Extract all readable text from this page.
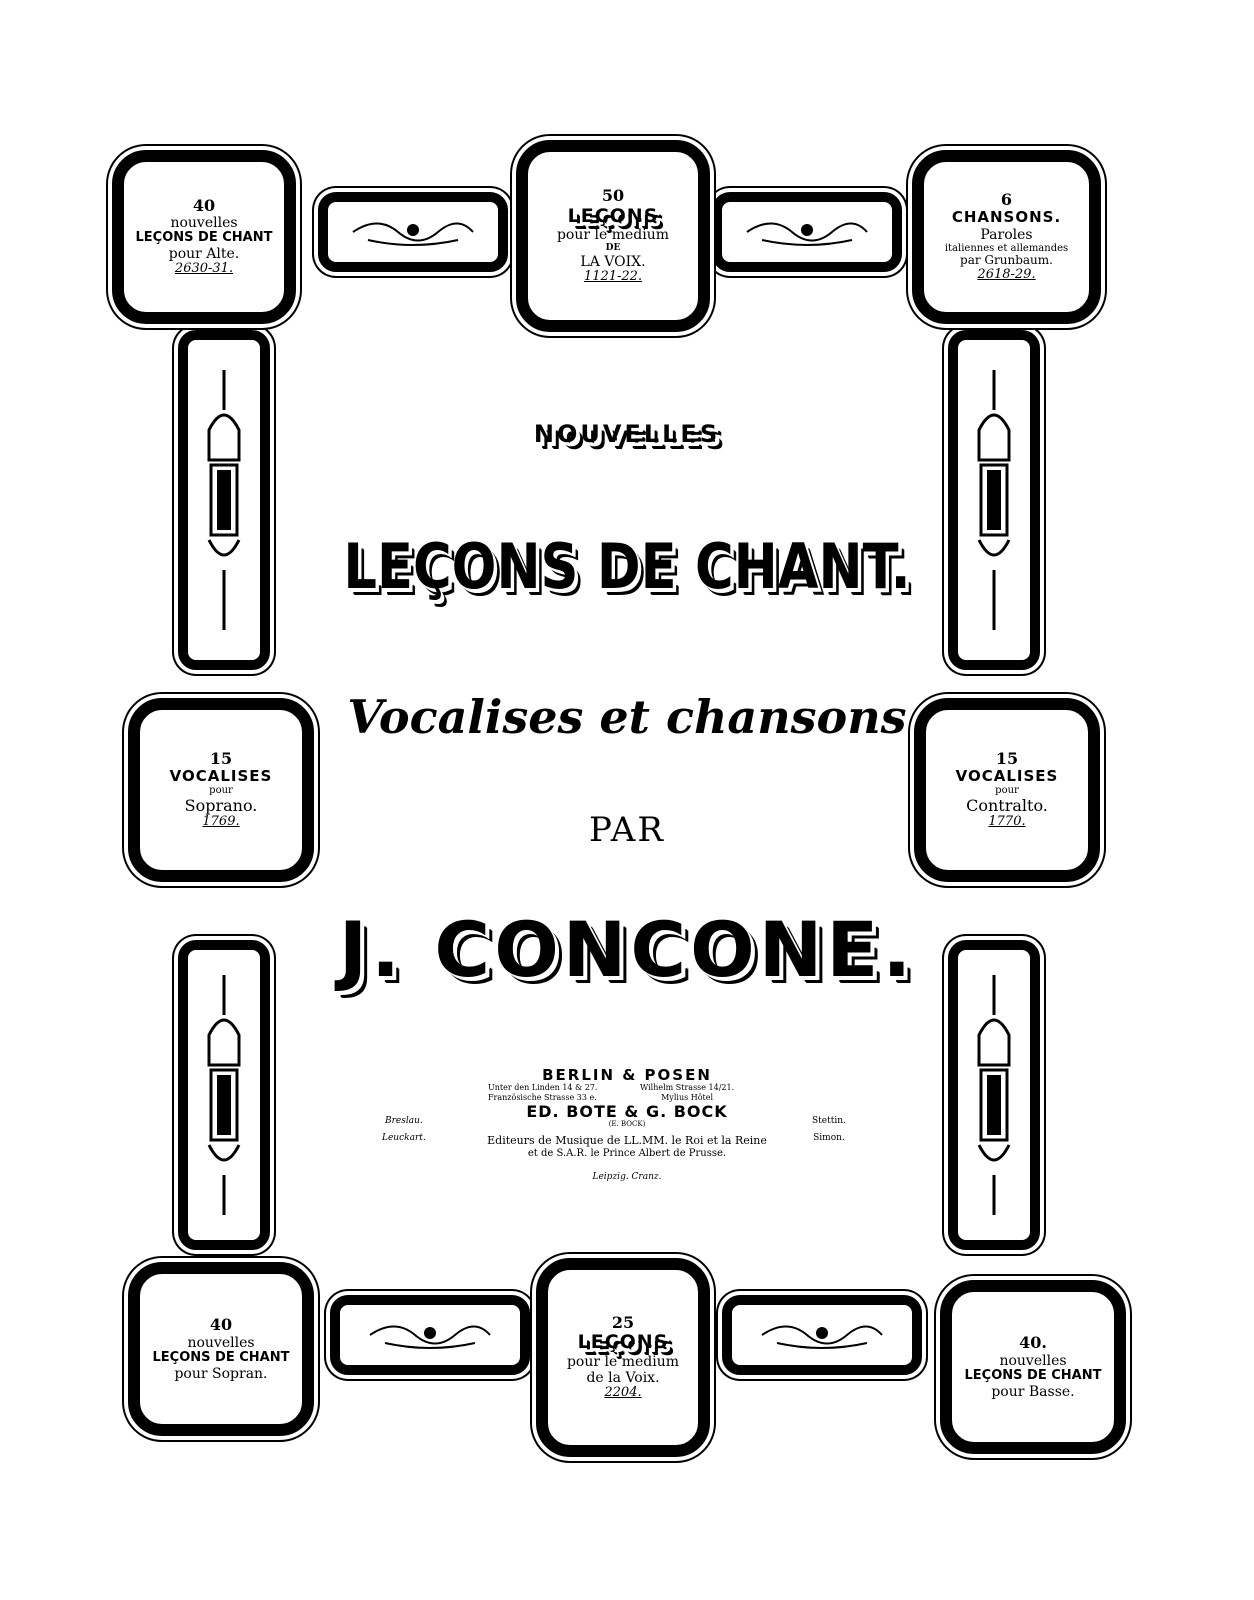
40
nouvelles
LEÇONS DE CHANT
pour Alte.
2630-31.
50
LEÇONS
pour le medium
DE
LA VOIX.
1121-22.
6
CHANSONS.
Paroles
italiennes et allemandes
par Grunbaum.
2618-29.
15
VOCALISES
pour
Soprano.
1769.
15
VOCALISES
pour
Contralto.
1770.
40
nouvelles
LEÇONS DE CHANT
pour Sopran.
25
LEÇONS
pour le medium
de la Voix.
2204.
40.
nouvelles
LEÇONS DE CHANT
pour Basse.
NOUVELLES
LEÇONS DE CHANT.
Vocalises et chansons
PAR
J. CONCONE.
BERLIN & POSEN
Unter den Linden 14 & 27.
Französische Strasse 33 e.
Wilhelm Strasse 14/21.
Mylius Hôtel
ED. BOTE & G. BOCK
(E. BOCK)
Editeurs de Musique de LL.MM. le Roi et la Reine
et de S.A.R. le Prince Albert de Prusse.
Leipzig. Cranz.
Breslau.
Leuckart.
Stettin.
Simon.
